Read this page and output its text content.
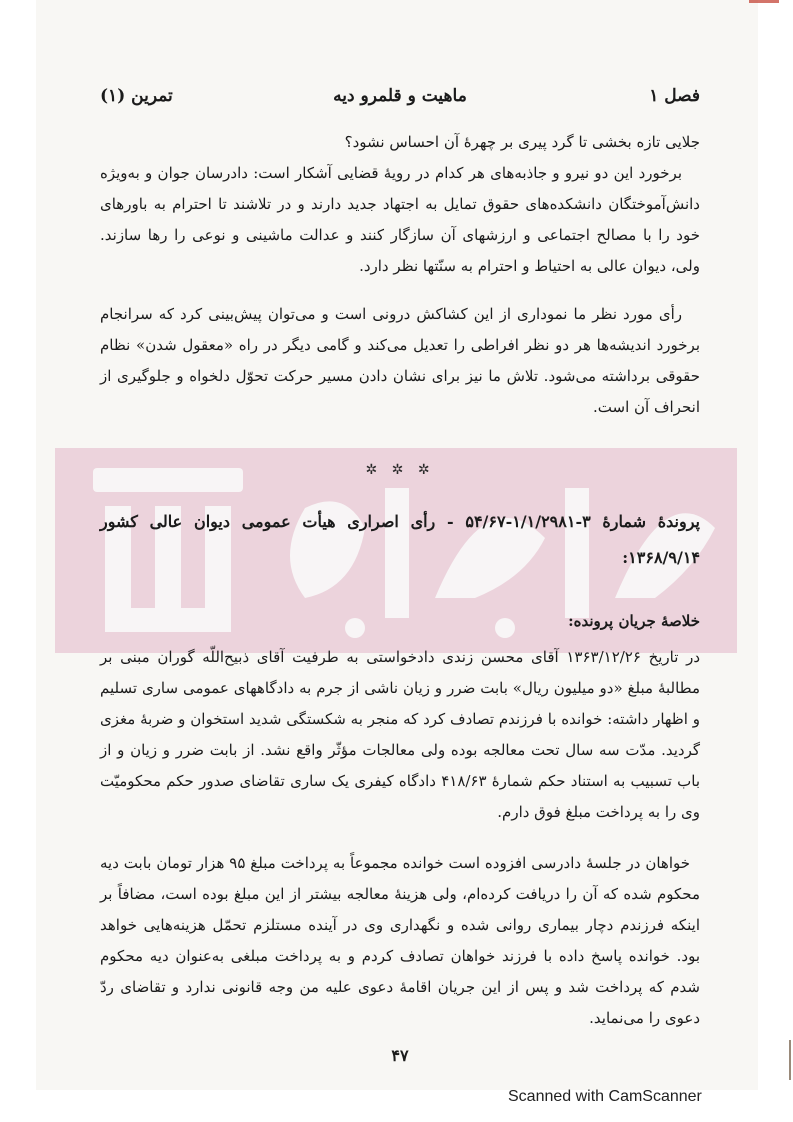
فصل ۱
ماهیت و قلمرو دیه
تمرین (۱)

جلایی تازه بخشی تا گرد پیری بر چهرهٔ آن احساس نشود؟

برخورد این دو نیرو و جاذبه‌های هر کدام در رویهٔ قضایی آشکار است: دادرسان جوان و به‌ویژه دانش‌آموختگان دانشکده‌های حقوق تمایل به اجتهاد جدید دارند و در تلاشند تا احترام به باورهای خود را با مصالح اجتماعی و ارزشهای آن سازگار کنند و عدالت ماشینی و نوعی را رها سازند. ولی، دیوان عالی به احتیاط و احترام به سنّتها نظر دارد.

رأی مورد نظر ما نموداری از این کشاکش درونی است و می‌توان پیش‌بینی کرد که سرانجام برخورد اندیشه‌ها هر دو نظر افراطی را تعدیل می‌کند و گامی دیگر در راه «معقول شدن» نظام حقوقی برداشته می‌شود. تلاش ما نیز برای نشان دادن مسیر حرکت تحوّل دلخواه و جلوگیری از انحراف آن است.

✲ ✲ ✲

پروندهٔ شمارهٔ ۳-۱/۱/۲۹۸۱-۵۴/۶۷ - رأی اصراری هیأت عمومی دیوان عالی کشور ۱۳۶۸/۹/۱۴:

خلاصهٔ جریان پرونده:

در تاریخ ۱۳۶۳/۱۲/۲۶ آقای محسن زندی دادخواستی به طرفیت آقای ذبیح‌اللّه گوران مبنی بر مطالبهٔ مبلغ «دو میلیون ریال» بابت ضرر و زیان ناشی از جرم به دادگاههای عمومی ساری تسلیم و اظهار داشته: خوانده با فرزندم تصادف کرد که منجر به شکستگی شدید استخوان و ضربهٔ مغزی گردید. مدّت سه سال تحت معالجه بوده ولی معالجات مؤثّر واقع نشد. از بابت ضرر و زیان و از باب تسبیب به استناد حکم شمارهٔ ۴۱۸/۶۳ دادگاه کیفری یک ساری تقاضای صدور حکم محکومیّت وی را به پرداخت مبلغ فوق دارم.

خواهان در جلسهٔ دادرسی افزوده است خوانده مجموعاً به پرداخت مبلغ ۹۵ هزار تومان بابت دیه محکوم شده که آن را دریافت کرده‌ام، ولی هزینهٔ معالجه بیشتر از این مبلغ بوده است، مضافاً بر اینکه فرزندم دچار بیماری روانی شده و نگهداری وی در آینده مستلزم تحمّل هزینه‌هایی خواهد بود. خوانده پاسخ داده با فرزند خواهان تصادف کردم و به پرداخت مبلغی به‌عنوان دیه محکوم شدم که پرداخت شد و پس از این جریان اقامهٔ دعوی علیه من وجه قانونی ندارد و تقاضای ردّ دعوی را می‌نماید.

۴۷
Scanned with CamScanner
